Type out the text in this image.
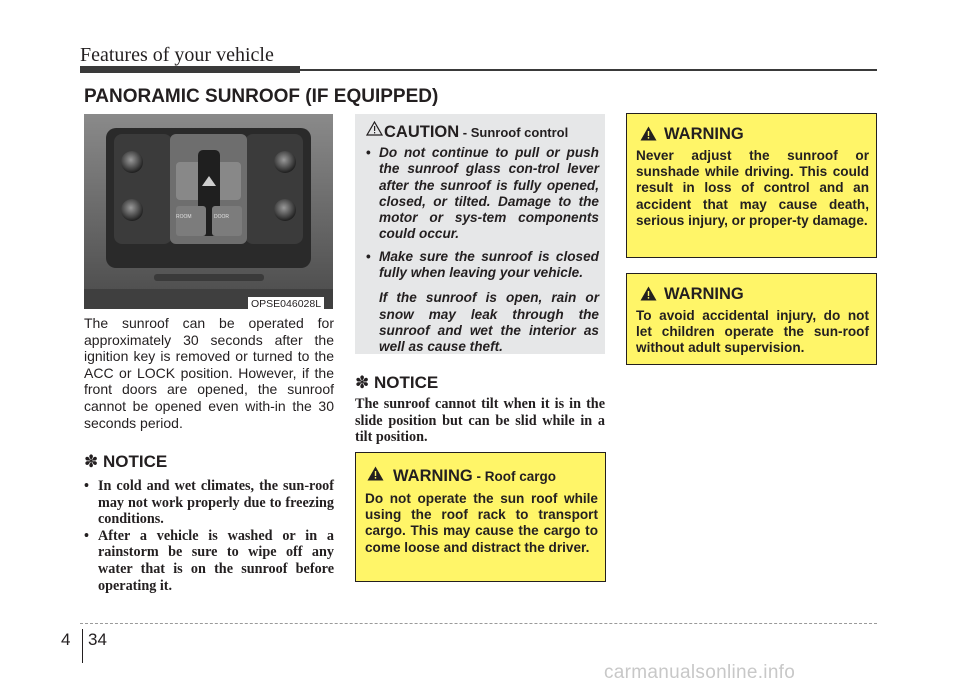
Features of your vehicle
PANORAMIC SUNROOF (IF EQUIPPED)
ROOM	DOOR
OPSE046028L
The sunroof can be operated for approximately 30 seconds after the ignition key is removed or turned to the ACC or LOCK position. However, if the front doors are opened, the sunroof cannot be opened even with-in the 30 seconds period.
✽ NOTICE
• In cold and wet climates, the sun-roof may not work properly due to freezing conditions.
• After a vehicle is washed or in a rainstorm be sure to wipe off any water that is on the sunroof before operating it.
CAUTION - Sunroof control
• Do not continue to pull or push the sunroof glass con-trol lever after the sunroof is fully opened, closed, or tilted. Damage to the motor or sys-tem components could occur.
• Make sure the sunroof is closed fully when leaving your vehicle.
If the sunroof is open, rain or snow may leak through the sunroof and wet the interior as well as cause theft.
✽ NOTICE
The sunroof cannot tilt when it is in the slide position but can be slid while in a tilt position.
WARNING - Roof cargo
Do not operate the sun roof while using the roof rack to transport cargo. This may cause the cargo to come loose and distract the driver.
WARNING
Never adjust the sunroof or sunshade while driving. This could result in loss of control and an accident that may cause death, serious injury, or proper-ty damage.
WARNING
To avoid accidental injury, do not let children operate the sun-roof without adult supervision.
4 34
carmanualsonline.info
